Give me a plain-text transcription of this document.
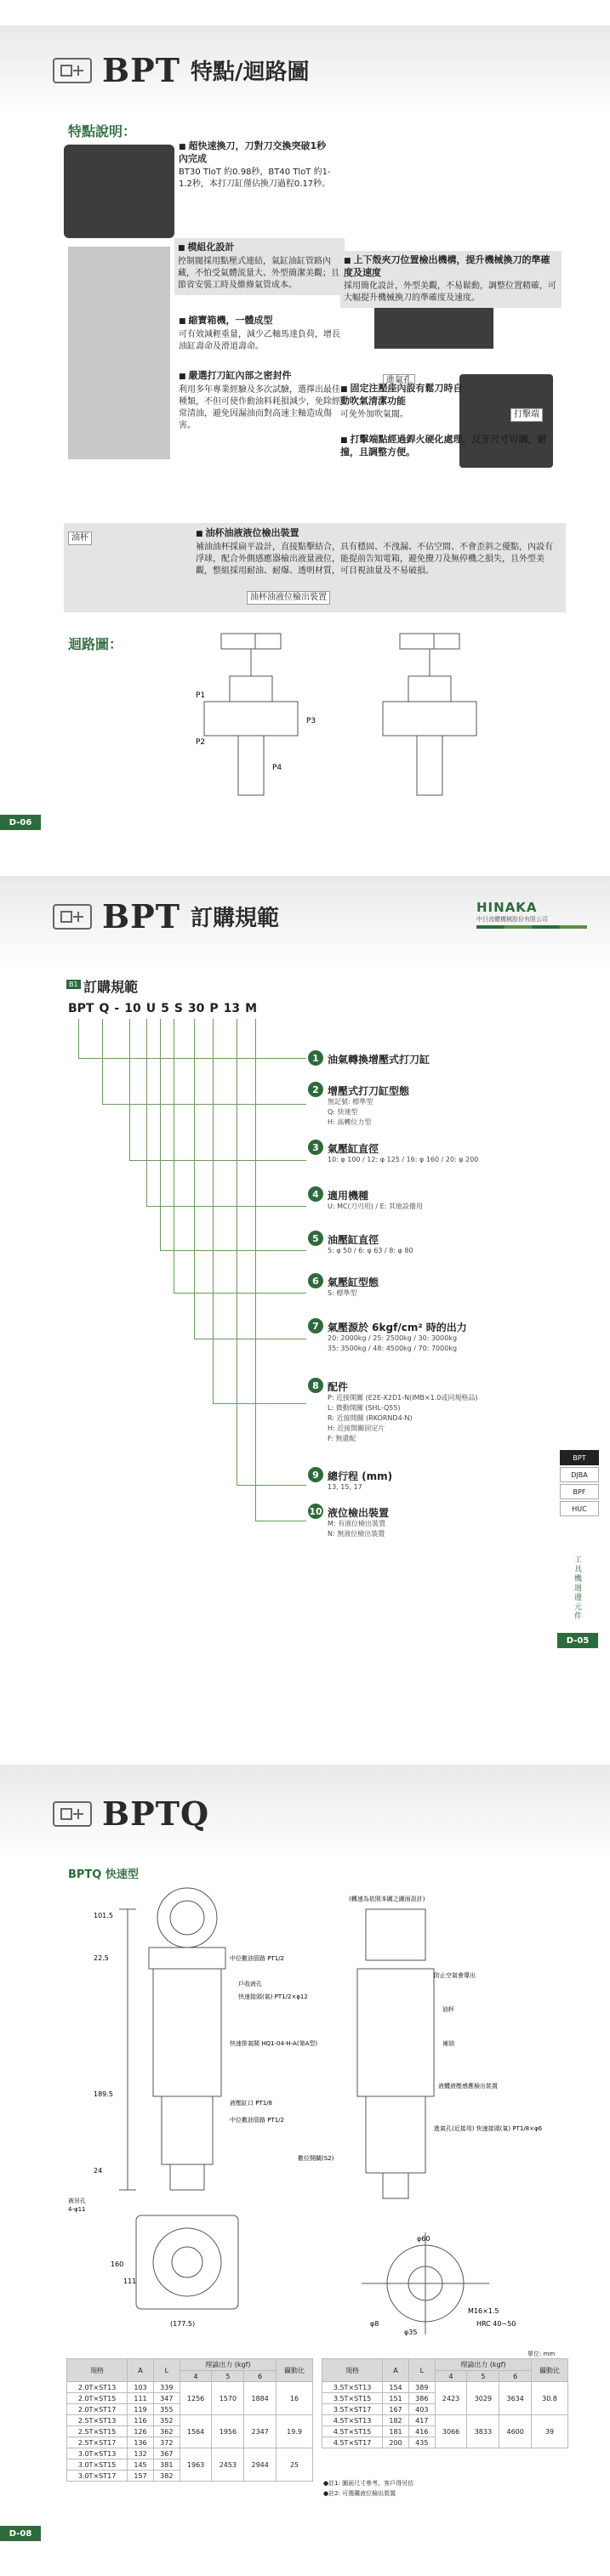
BPT 特點/迴路圖
特點說明：
■ 超快速換刀，刀對刀交換突破1秒內完成
BT30 TloT 約0.98秒，BT40 TloT 約1-1.2秒，本打刀缸僅佔換刀過程0.17秒。
■ 模組化設計
控制閥採用點壓式連結，氣缸油缸管路內藏，不怕受氣體流量大、外型簡潔美觀；且節省安裝工時及維修氣管成本。
■ 上下殼夾刀位置檢出機構，提升機械換刀的準確度及速度
採用簡化設計，外型美觀，不易鬆動，調整位置精確，可大幅提升機械換刀的準確度及速度。
■ 縮寶箱機，一體成型
可有效減輕重量，減少乙軸馬達負荷，增長油缸壽命及滑道壽命。
■ 嚴選打刀缸內部之密封件
利用多年專業經驗及多次試驗，選擇出最佳種類，不但可使作動油料耗損減少，免除經常清油，避免因漏油而對高速主軸造成傷害。
■ 固定注壓座內設有鬆刀時自動吹氣清潔功能
可免外加吹氣閥。
■ 打擊端點經過銲火硬化處理，反牙尺寸可調，耐撞，且調整方便。
進氣孔
打擊端
油杯	■ 油杯油液液位檢出裝置
補油油杯採扁平設計，直接點擊結合，具有穩固、不洩漏、不佔空間、不會歪斜之優點，內設有浮球，配合外側感應器檢出液量液位，能提前告知電箱，避免攪刀及無停機之損失，且外型美觀，整組採用耐油、耐爆、透明材質，可目視油量及不易破損。
油杯油液位檢出裝置
迴路圖：
P1
P2
P3
P4
D-06
BPT 訂購規範	HINAKA
中日流體機械股份有限公司
B1 訂購規範
BPT Q - 10 U 5 S 30 P 13 M
1 油氣轉換增壓式打刀缸
2 增壓式打刀缸型態
無記號: 標準型
Q: 快速型
H: 高轉位力型
3 氣壓缸直徑
10: φ 100 / 12: φ 125 / 16: φ 160 / 20: φ 200
4 適用機種
U: MC(刀刃用) / E: 其他設備用
5 油壓缸直徑
5: φ 50 / 6: φ 63 / 8: φ 80
6 氣壓缸型態
S: 標準型
7 氣壓源於 6kgf/cm² 時的出力
20: 2000kg / 25: 2500kg / 30: 3000kg
35: 3500kg / 48: 4500kg / 70: 7000kg
8 配件
P: 近接開關 (E2E-X2D1-N(IMB×1.0或同規格品)
L: 微動開關 (SHL-Q55)
R: 近接開關 (RKORND4-N)
H: 近接開關固定片
F: 無還配
9 總行程 (mm)
13, 15, 17
10 液位檢出裝置
M: 有液位檢出裝置
N: 無液位檢出裝置
BPT
DJBA
BPF
HUC
工具機週邊元件
D-05
BPTQ
BPTQ 快速型
101.5
22.5
189.5
24
160
111
(177.5)
φ60
φ35
HRC 40~50
M16×1.5
φ8
中位數油管路 PT1/2
戶收液孔
快速接頭(氣) PT1/2×φ12
快速排氣閥 HQ1-04-H-A(第A型)
液壓缸口 PT1/8
中位數油管路 PT1/2
防止空氣會導出
油杯
補油
液體液壓感應檢出裝置
進氣孔(近接用) 快速接頭(氣) PT1/8×φ6
數位開關(S2)
4-φ11
被吊孔
(轉速為依照本圖之圖面設計)
單位: mm
規格	A	L	理論出力 (kgf)			攝動比
			4	5	6	
2.0T×ST13	103	339	1256	1570	1884	16
2.0T×ST15	111	347				
2.0T×ST17	119	355				
2.5T×ST13	116	352	1564	1956	2347	19.9
2.5T×ST15	126	362				
2.5T×ST17	136	372				
3.0T×ST13	132	367	1963	2453	2944	25
3.0T×ST15	145	381				
3.0T×ST17	157	382				
規格	A	L	理論出力 (kgf)			攝動比
			4	5	6	
3.5T×ST13	154	389	2423	3029	3634	30.8
3.5T×ST15	151	386				
3.5T×ST17	167	403				
4.5T×ST13	182	417	3066	3833	4600	39
4.5T×ST15	181	416				
4.5T×ST17	200	435				
●註1: 圖面尺寸參考，客戶得另估
●註2: 可選購液位檢出裝置
D-08
